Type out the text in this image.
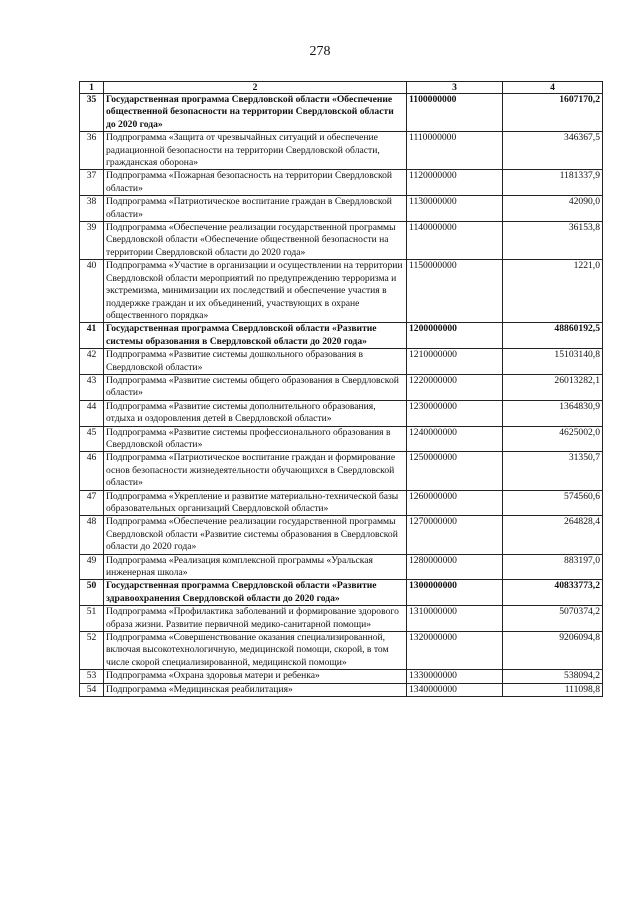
278
1	2	3	4
35	Государственная программа Свердловской области «Обеспечение общественной безопасности на территории Свердловской области до 2020 года»	1100000000	1607170,2
36	Подпрограмма «Защита от чрезвычайных ситуаций и обеспечение радиационной безопасности на территории Свердловской области, гражданская оборона»	1110000000	346367,5
37	Подпрограмма «Пожарная безопасность на территории Свердловской области»	1120000000	1181337,9
38	Подпрограмма «Патриотическое воспитание граждан в Свердловской области»	1130000000	42090,0
39	Подпрограмма «Обеспечение реализации государственной программы Свердловской области «Обеспечение общественной безопасности на территории Свердловской области до 2020 года»	1140000000	36153,8
40	Подпрограмма «Участие в организации и осуществлении на территории Свердловской области мероприятий по предупреждению терроризма и экстремизма, минимизации их последствий и обеспечение участия в поддержке граждан и их объединений, участвующих в охране общественного порядка»	1150000000	1221,0
41	Государственная программа Свердловской области «Развитие системы образования в Свердловской области до 2020 года»	1200000000	48860192,5
42	Подпрограмма «Развитие системы дошкольного образования в Свердловской области»	1210000000	15103140,8
43	Подпрограмма «Развитие системы общего образования в Свердловской области»	1220000000	26013282,1
44	Подпрограмма «Развитие системы дополнительного образования, отдыха и оздоровления детей в Свердловской области»	1230000000	1364830,9
45	Подпрограмма «Развитие системы профессионального образования в Свердловской области»	1240000000	4625002,0
46	Подпрограмма «Патриотическое воспитание граждан и формирование основ безопасности жизнедеятельности обучающихся в Свердловской области»	1250000000	31350,7
47	Подпрограмма «Укрепление и развитие материально-технической базы образовательных организаций Свердловской области»	1260000000	574560,6
48	Подпрограмма «Обеспечение реализации государственной программы Свердловской области «Развитие системы образования в Свердловской области до 2020 года»	1270000000	264828,4
49	Подпрограмма «Реализация комплексной программы «Уральская инженерная школа»	1280000000	883197,0
50	Государственная программа Свердловской области «Развитие здравоохранения Свердловской области до 2020 года»	1300000000	40833773,2
51	Подпрограмма «Профилактика заболеваний и формирование здорового образа жизни. Развитие первичной медико-санитарной помощи»	1310000000	5070374,2
52	Подпрограмма «Совершенствование оказания специализированной, включая высокотехнологичную, медицинской помощи, скорой, в том числе скорой специализированной, медицинской помощи»	1320000000	9206094,8
53	Подпрограмма «Охрана здоровья матери и ребенка»	1330000000	538094,2
54	Подпрограмма «Медицинская реабилитация»	1340000000	111098,8
